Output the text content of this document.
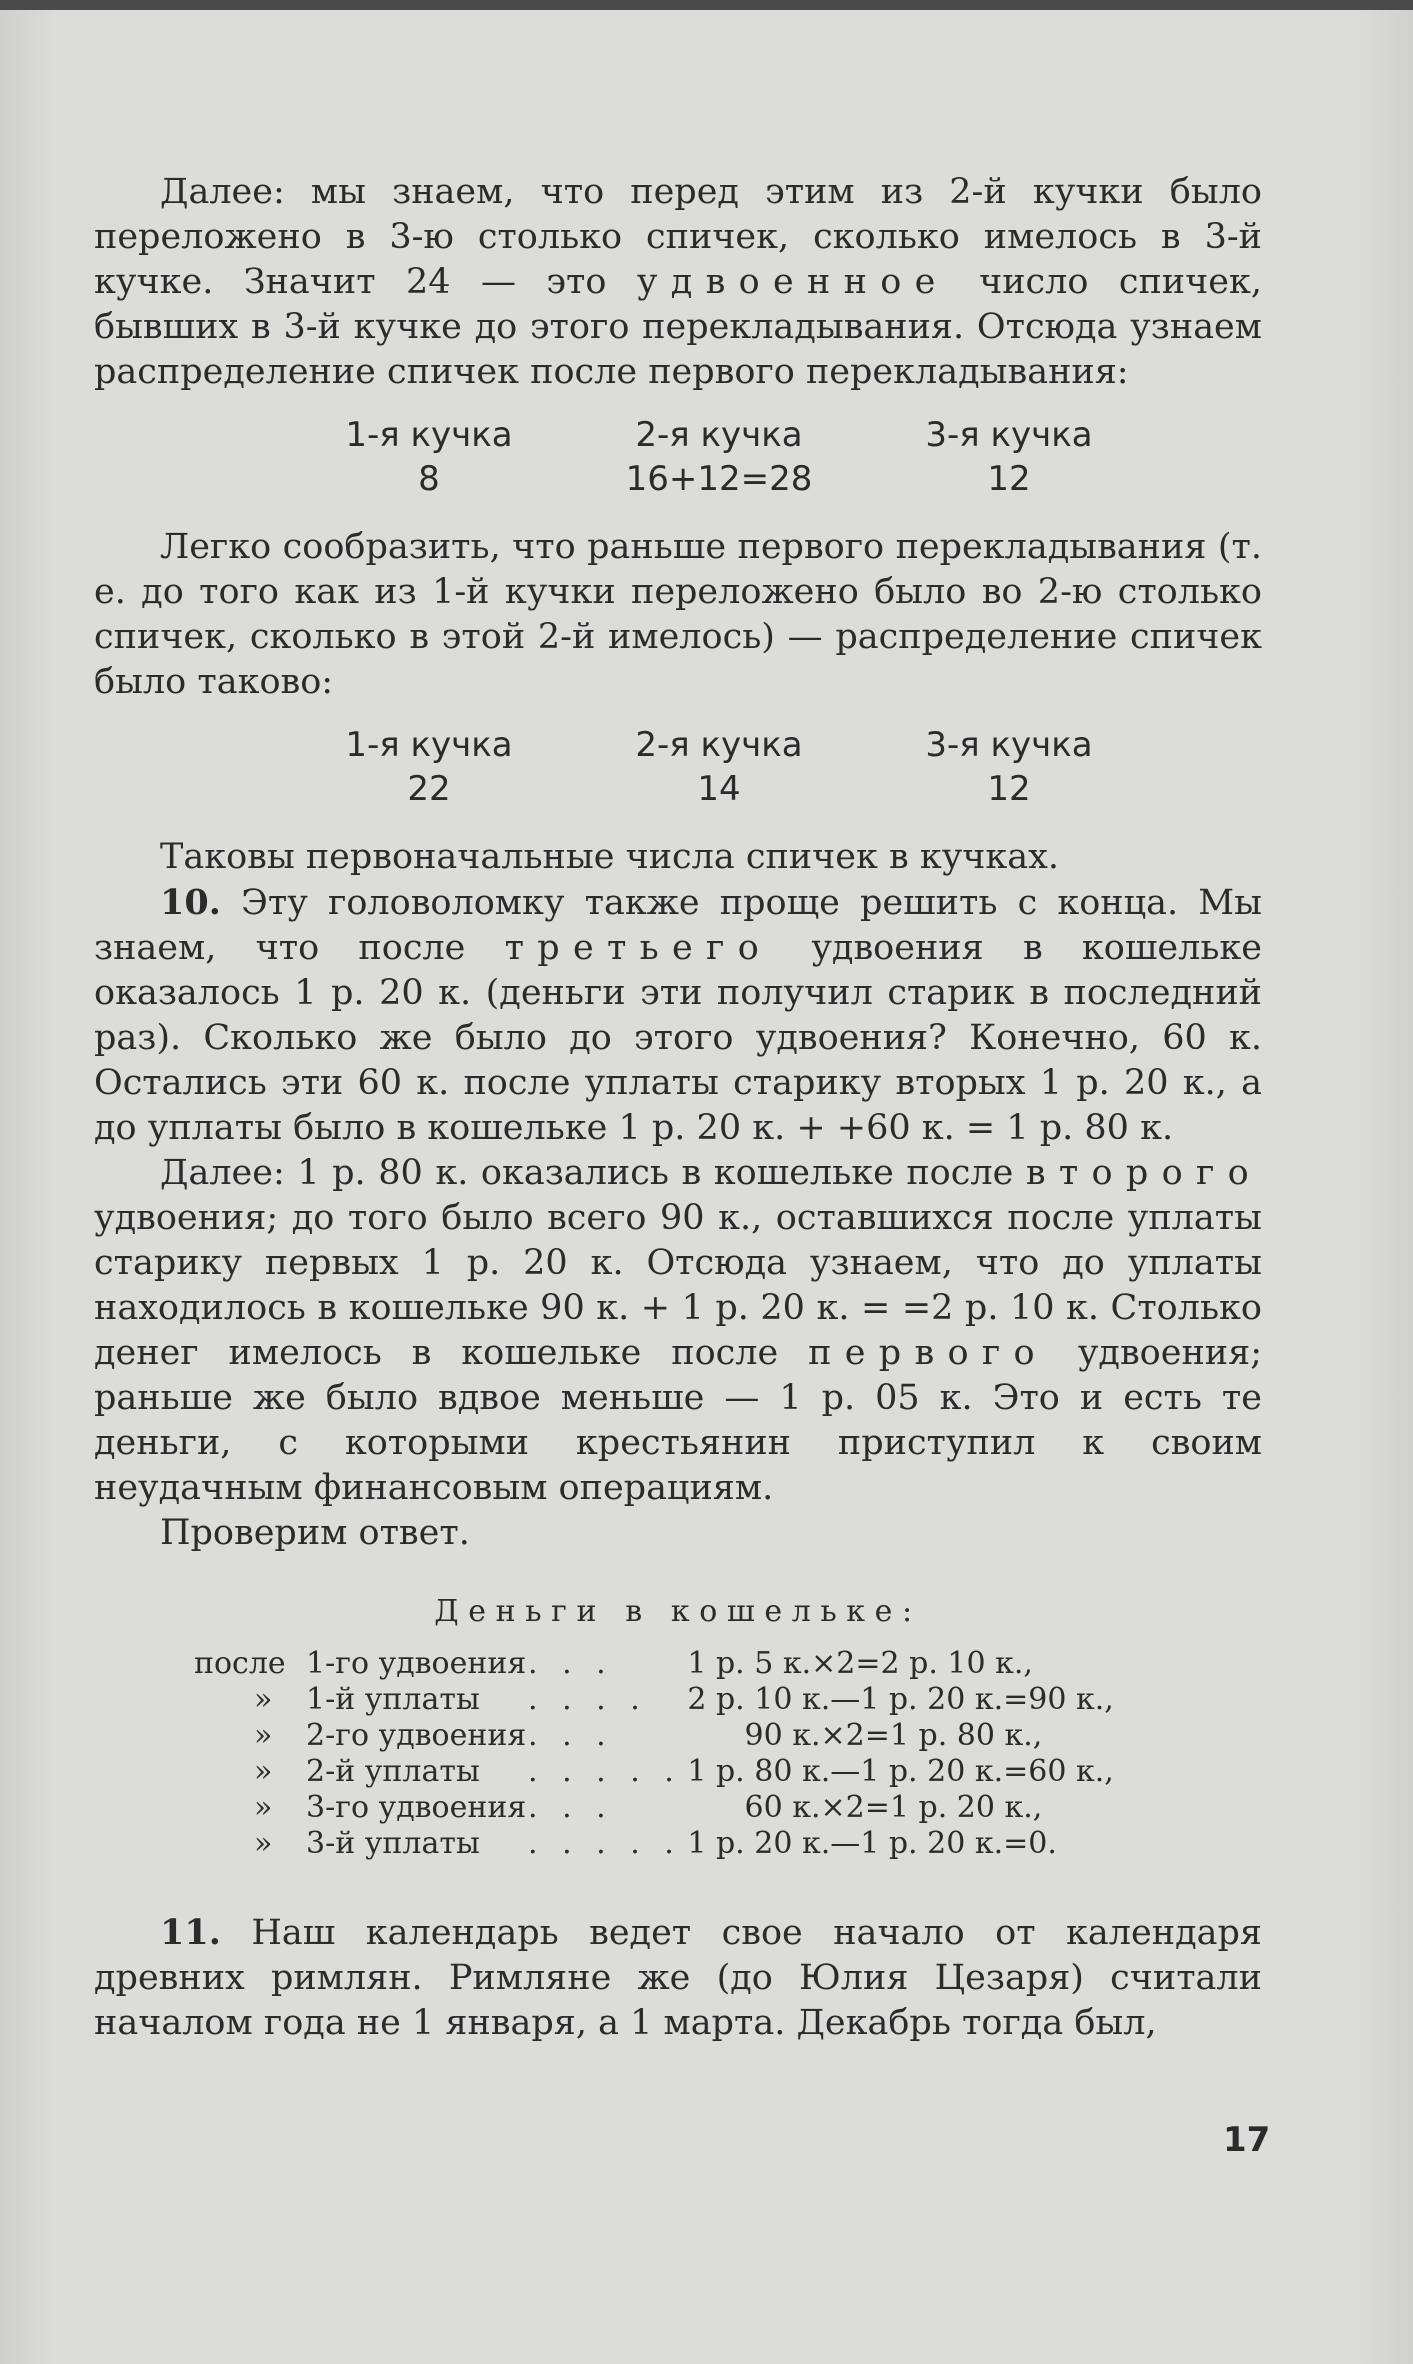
Далее: мы знаем, что перед этим из 2-й кучки было переложено в 3-ю столько спичек, сколько имелось в 3-й кучке. Значит 24 — это удвоенное число спичек, бывших в 3-й кучке до этого перекладывания. Отсюда узнаем распределение спичек после первого перекладывания:

1-я кучка	2-я кучка	3-я кучка
8	16+12=28	12

Легко сообразить, что раньше первого перекладывания (т. е. до того как из 1-й кучки переложено было во 2-ю столько спичек, сколько в этой 2-й имелось) — распределение спичек было таково:

1-я кучка	2-я кучка	3-я кучка
22	14	12

Таковы первоначальные числа спичек в кучках.

10. Эту головоломку также проще решить с конца. Мы знаем, что после третьего удвоения в кошельке оказалось 1 р. 20 к. (деньги эти получил старик в последний раз). Сколько же было до этого удвоения? Конечно, 60 к. Остались эти 60 к. после уплаты старику вторых 1 р. 20 к., а до уплаты было в кошельке 1 р. 20 к. + +60 к. = 1 р. 80 к.

Далее: 1 р. 80 к. оказались в кошельке после второго удвоения; до того было всего 90 к., оставшихся после уплаты старику первых 1 р. 20 к. Отсюда узнаем, что до уплаты находилось в кошельке 90 к. + 1 р. 20 к. = =2 р. 10 к. Столько денег имелось в кошельке после первого удвоения; раньше же было вдвое меньше — 1 р. 05 к. Это и есть те деньги, с которыми крестьянин приступил к своим неудачным финансовым операциям.

Проверим ответ.

Деньги в кошельке:
после	1-го удвоения	. . .	1 р. 5 к.×2=2 р. 10 к.,
»	1-й уплаты	. . . .	2 р. 10 к.—1 р. 20 к.=90 к.,
»	2-го удвоения	. . .	90 к.×2=1 р. 80 к.,
»	2-й уплаты	. . . . .	1 р. 80 к.—1 р. 20 к.=60 к.,
»	3-го удвоения	. . .	60 к.×2=1 р. 20 к.,
»	3-й уплаты	. . . . .	1 р. 20 к.—1 р. 20 к.=0.

11. Наш календарь ведет свое начало от календаря древних римлян. Римляне же (до Юлия Цезаря) считали началом года не 1 января, а 1 марта. Декабрь тогда был,

17
